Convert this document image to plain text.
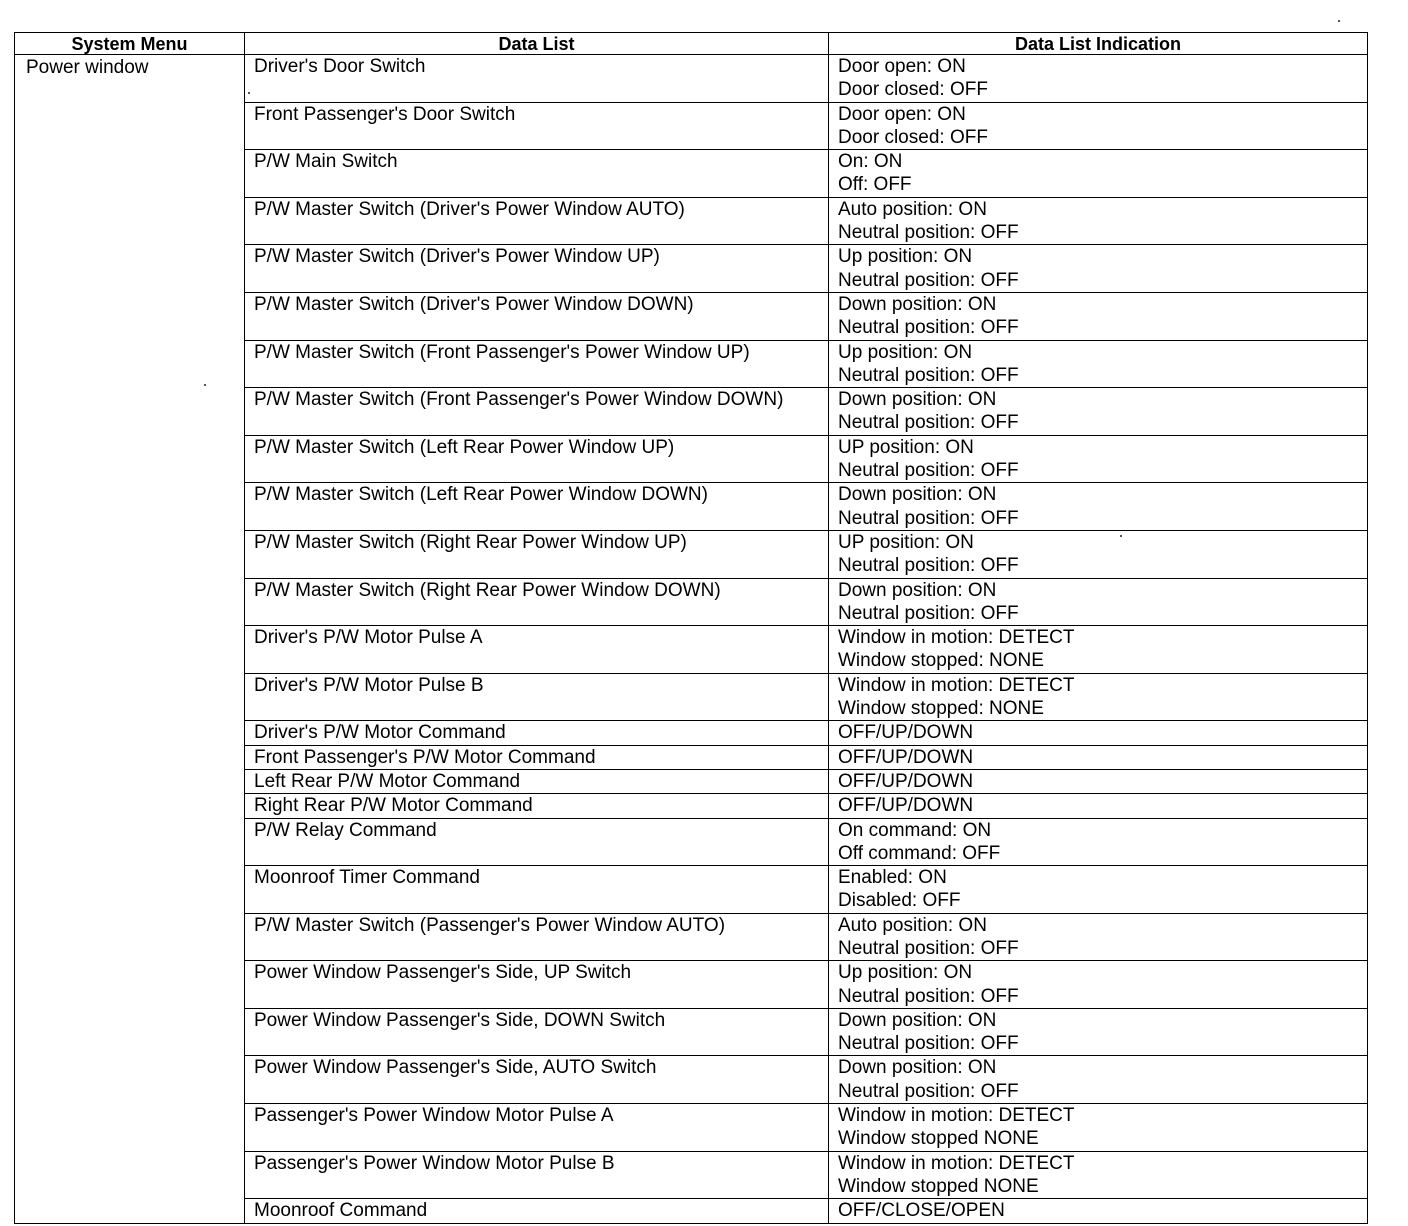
System Menu	Data List	Data List Indication
Power window	Driver's Door Switch	Door open: ON
Door closed: OFF

	Front Passenger's Door Switch	Door open: ON
Door closed: OFF

	P/W Main Switch	On: ON
Off: OFF

	P/W Master Switch (Driver's Power Window AUTO)	Auto position: ON
Neutral position: OFF

	P/W Master Switch (Driver's Power Window UP)	Up position: ON
Neutral position: OFF

	P/W Master Switch (Driver's Power Window DOWN)	Down position: ON
Neutral position: OFF

	P/W Master Switch (Front Passenger's Power Window UP)	Up position: ON
Neutral position: OFF

	P/W Master Switch (Front Passenger's Power Window DOWN)	Down position: ON
Neutral position: OFF

	P/W Master Switch (Left Rear Power Window UP)	UP position: ON
Neutral position: OFF

	P/W Master Switch (Left Rear Power Window DOWN)	Down position: ON
Neutral position: OFF

	P/W Master Switch (Right Rear Power Window UP)	UP position: ON
Neutral position: OFF

	P/W Master Switch (Right Rear Power Window DOWN)	Down position: ON
Neutral position: OFF

	Driver's P/W Motor Pulse A	Window in motion: DETECT
Window stopped: NONE

	Driver's P/W Motor Pulse B	Window in motion: DETECT
Window stopped: NONE

	Driver's P/W Motor Command	OFF/UP/DOWN

	Front Passenger's P/W Motor Command	OFF/UP/DOWN

	Left Rear P/W Motor Command	OFF/UP/DOWN

	Right Rear P/W Motor Command	OFF/UP/DOWN

	P/W Relay Command	On command: ON
Off command: OFF

	Moonroof Timer Command	Enabled: ON
Disabled: OFF

	P/W Master Switch (Passenger's Power Window AUTO)	Auto position: ON
Neutral position: OFF

	Power Window Passenger's Side, UP Switch	Up position: ON
Neutral position: OFF

	Power Window Passenger's Side, DOWN Switch	Down position: ON
Neutral position: OFF

	Power Window Passenger's Side, AUTO Switch	Down position: ON
Neutral position: OFF

	Passenger's Power Window Motor Pulse A	Window in motion: DETECT
Window stopped NONE

	Passenger's Power Window Motor Pulse B	Window in motion: DETECT
Window stopped NONE

	Moonroof Command	OFF/CLOSE/OPEN
